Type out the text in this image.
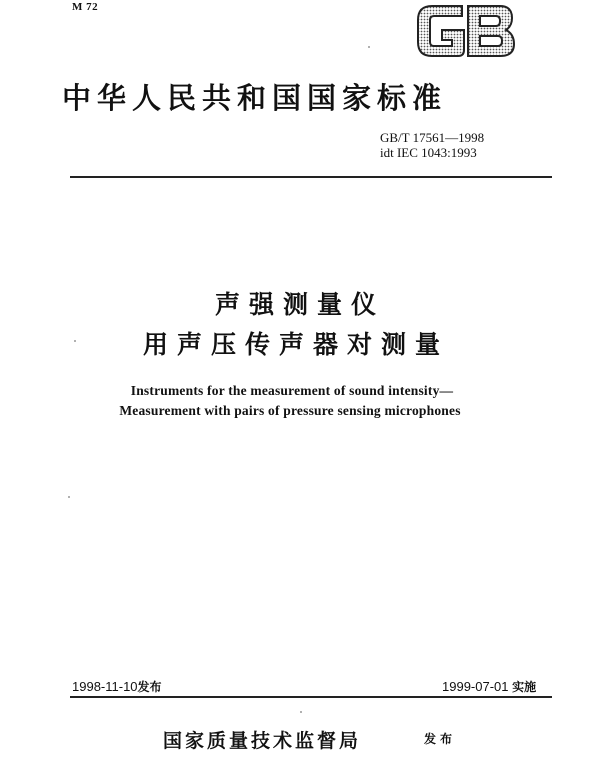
M 72
中华人民共和国国家标准
GB/T 17561—1998
idt IEC 1043:1993
声强测量仪
用声压传声器对测量
Instruments for the measurement of sound intensity—
Measurement with pairs of pressure sensing microphones
1998-11-10发布	1999-07-01 实施
国家质量技术监督局	发布
